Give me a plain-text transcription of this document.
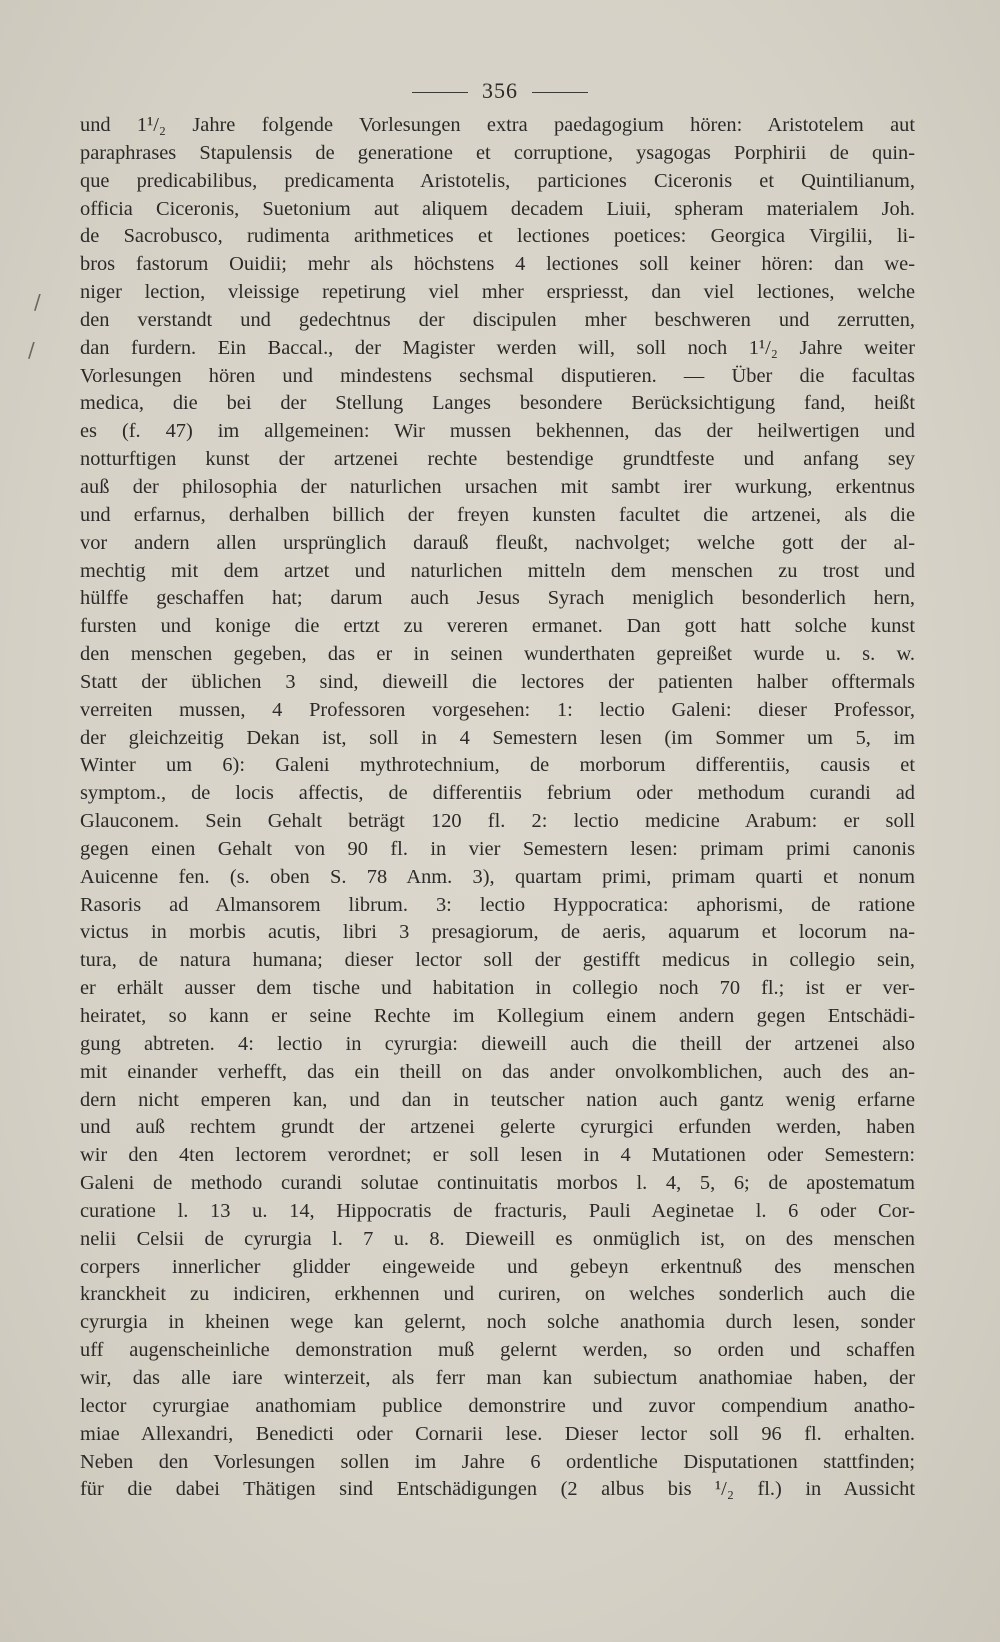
/
/
356
und 1¹/₂ Jahre folgende Vorlesungen extra paedagogium hören: Aristotelem aut
paraphrases Stapulensis de generatione et corruptione, ysagogas Porphirii de quin-
que predicabilibus, predicamenta Aristotelis, particiones Ciceronis et Quintilianum,
officia Ciceronis, Suetonium aut aliquem decadem Liuii, spheram materialem Joh.
de Sacrobusco, rudimenta arithmetices et lectiones poetices: Georgica Virgilii, li-
bros fastorum Ouidii; mehr als höchstens 4 lectiones soll keiner hören: dan we-
niger lection, vleissige repetirung viel mher erspriesst, dan viel lectiones, welche
den verstandt und gedechtnus der discipulen mher beschweren und zerrutten,
dan furdern. Ein Baccal., der Magister werden will, soll noch 1¹/₂ Jahre weiter
Vorlesungen hören und mindestens sechsmal disputieren. — Über die facultas
medica, die bei der Stellung Langes besondere Berücksichtigung fand, heißt
es (f. 47) im allgemeinen: Wir mussen bekhennen, das der heilwertigen und
notturftigen kunst der artzenei rechte bestendige grundtfeste und anfang sey
auß der philosophia der naturlichen ursachen mit sambt irer wurkung, erkentnus
und erfarnus, derhalben billich der freyen kunsten facultet die artzenei, als die
vor andern allen ursprünglich darauß fleußt, nachvolget; welche gott der al-
mechtig mit dem artzet und naturlichen mitteln dem menschen zu trost und
hülffe geschaffen hat; darum auch Jesus Syrach meniglich besonderlich hern,
fursten und konige die ertzt zu vereren ermanet. Dan gott hatt solche kunst
den menschen gegeben, das er in seinen wunderthaten gepreißet wurde u. s. w.
Statt der üblichen 3 sind, dieweill die lectores der patienten halber offtermals
verreiten mussen, 4 Professoren vorgesehen: 1: lectio Galeni: dieser Professor,
der gleichzeitig Dekan ist, soll in 4 Semestern lesen (im Sommer um 5, im
Winter um 6): Galeni mythrotechnium, de morborum differentiis, causis et
symptom., de locis affectis, de differentiis febrium oder methodum curandi ad
Glauconem. Sein Gehalt beträgt 120 fl. 2: lectio medicine Arabum: er soll
gegen einen Gehalt von 90 fl. in vier Semestern lesen: primam primi canonis
Auicenne fen. (s. oben S. 78 Anm. 3), quartam primi, primam quarti et nonum
Rasoris ad Almansorem librum. 3: lectio Hyppocratica: aphorismi, de ratione
victus in morbis acutis, libri 3 presagiorum, de aeris, aquarum et locorum na-
tura, de natura humana; dieser lector soll der gestifft medicus in collegio sein,
er erhält ausser dem tische und habitation in collegio noch 70 fl.; ist er ver-
heiratet, so kann er seine Rechte im Kollegium einem andern gegen Entschädi-
gung abtreten. 4: lectio in cyrurgia: dieweill auch die theill der artzenei also
mit einander verhefft, das ein theill on das ander onvolkomblichen, auch des an-
dern nicht emperen kan, und dan in teutscher nation auch gantz wenig erfarne
und auß rechtem grundt der artzenei gelerte cyrurgici erfunden werden, haben
wir den 4ten lectorem verordnet; er soll lesen in 4 Mutationen oder Semestern:
Galeni de methodo curandi solutae continuitatis morbos l. 4, 5, 6; de apostematum
curatione l. 13 u. 14, Hippocratis de fracturis, Pauli Aeginetae l. 6 oder Cor-
nelii Celsii de cyrurgia l. 7 u. 8. Dieweill es onmüglich ist, on des menschen
corpers innerlicher glidder eingeweide und gebeyn erkentnuß des menschen
kranckheit zu indiciren, erkhennen und curiren, on welches sonderlich auch die
cyrurgia in kheinen wege kan gelernt, noch solche anathomia durch lesen, sonder
uff augenscheinliche demonstration muß gelernt werden, so orden und schaffen
wir, das alle iare winterzeit, als ferr man kan subiectum anathomiae haben, der
lector cyrurgiae anathomiam publice demonstrire und zuvor compendium anatho-
miae Allexandri, Benedicti oder Cornarii lese. Dieser lector soll 96 fl. erhalten.
Neben den Vorlesungen sollen im Jahre 6 ordentliche Disputationen stattfinden;
für die dabei Thätigen sind Entschädigungen (2 albus bis ¹/₂ fl.) in Aussicht
